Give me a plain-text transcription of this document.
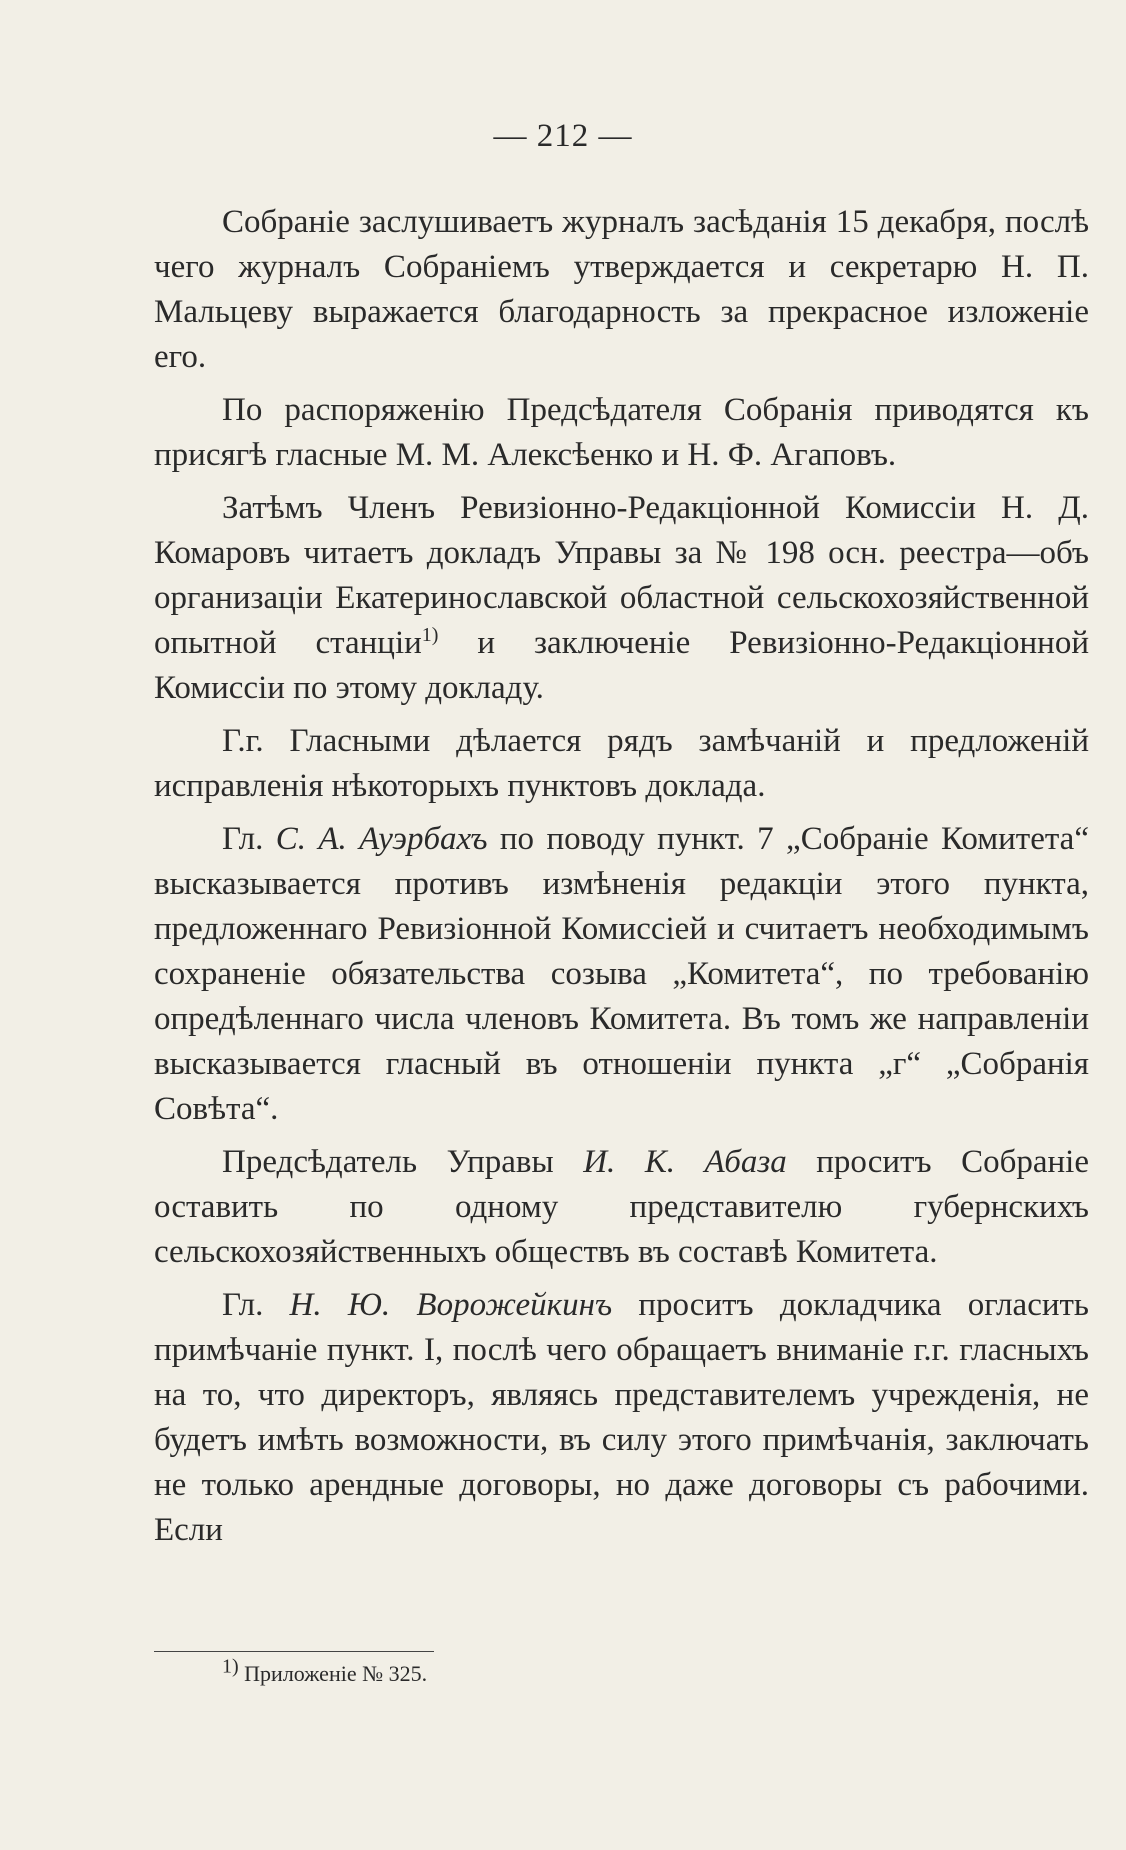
— 212 —

Собраніе заслушиваетъ журналъ засѣданія 15 декабря, послѣ чего журналъ Собраніемъ утверждается и секретарю Н. П. Мальцеву выражается благодарность за прекрасное изложеніе его.

По распоряженію Предсѣдателя Собранія приводятся къ присягѣ гласные М. М. Алексѣенко и Н. Ф. Агаповъ.

Затѣмъ Членъ Ревизіонно-Редакціонной Комиссіи Н. Д. Комаровъ читаетъ докладъ Управы за № 198 осн. реестра—объ организаціи Екатеринославской областной сельскохозяйственной опытной станціи$^{1)}$ и заключеніе Ревизіонно-Редакціонной Комиссіи по этому докладу.

Г.г. Гласными дѣлается рядъ замѣчаній и предложеній исправленія нѣкоторыхъ пунктовъ доклада.

Гл. С. А. Ауэрбахъ по поводу пункт. 7 „Собраніе Комитета“ высказывается противъ измѣненія редакціи этого пункта, предложеннаго Ревизіонной Комиссіей и считаетъ необходимымъ сохраненіе обязательства созыва „Комитета“, по требованію опредѣленнаго числа членовъ Комитета. Въ томъ же направленіи высказывается гласный въ отношеніи пункта „г“ „Собранія Совѣта“.

Предсѣдатель Управы И. К. Абаза проситъ Собраніе оставить по одному представителю губернскихъ сельскохозяйственныхъ обществъ въ составѣ Комитета.

Гл. Н. Ю. Ворожейкинъ проситъ докладчика огласить примѣчаніе пункт. I, послѣ чего обращаетъ вниманіе г.г. гласныхъ на то, что директоръ, являясь представителемъ учрежденія, не будетъ имѣть возможности, въ силу этого примѣчанія, заключать не только арендные договоры, но даже договоры съ рабочими. Если

$^{1)}$ Приложеніе № 325.
